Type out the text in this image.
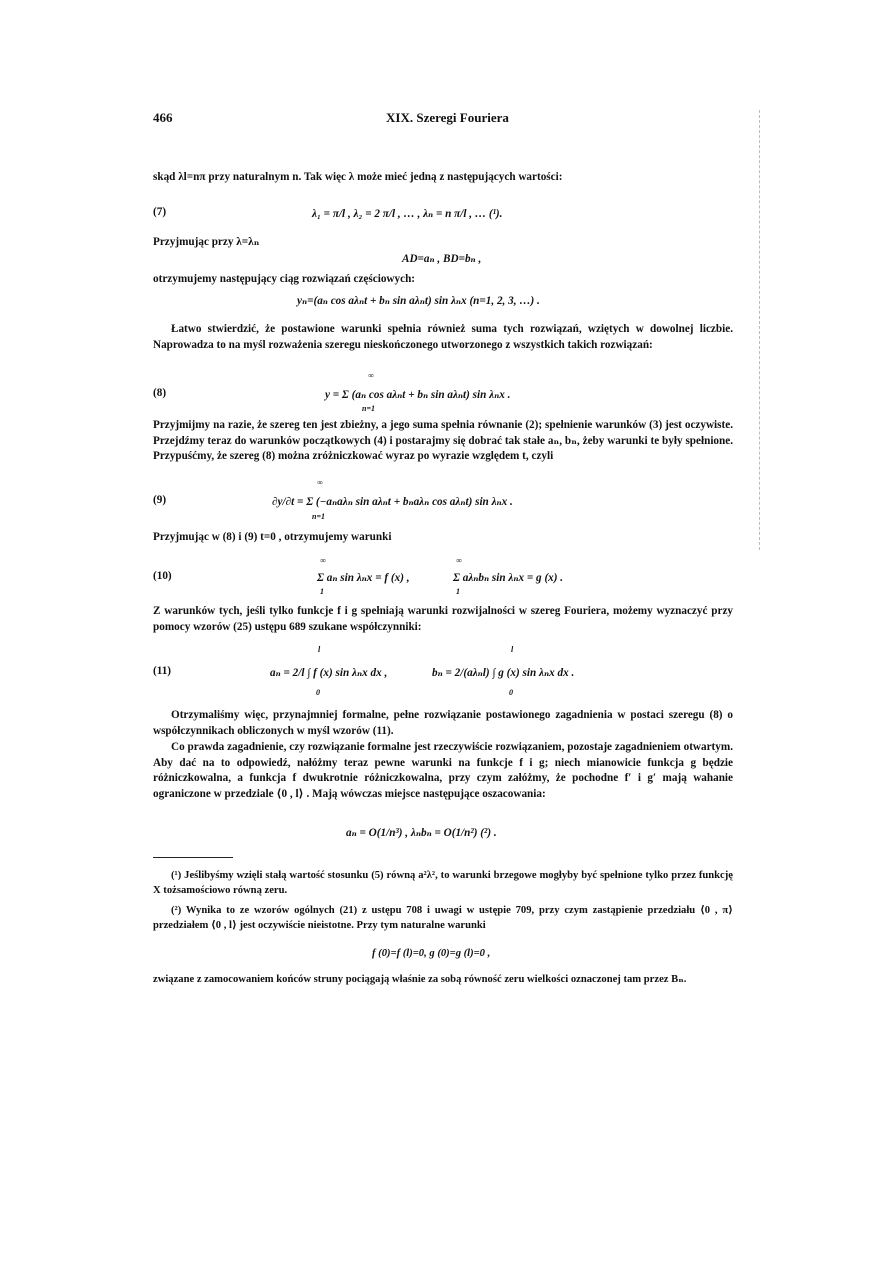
466	XIX. Szeregi Fouriera
skąd λl=nπ przy naturalnym n. Tak więc λ może mieć jedną z następujących wartości:
(7)	λ₁ = π/l , λ₂ = 2 π/l , … , λₙ = n π/l , … (¹).
Przyjmując przy λ=λₙ
AD=aₙ , BD=bₙ ,
otrzymujemy następujący ciąg rozwiązań częściowych:
yₙ=(aₙ cos aλₙt + bₙ sin aλₙt) sin λₙx (n=1, 2, 3, …) .
Łatwo stwierdzić, że postawione warunki spełnia również suma tych rozwiązań, wziętych w dowolnej liczbie. Naprowadza to na myśl rozważenia szeregu nieskończonego utworzonego z wszystkich takich rozwiązań:
(8)
∞
y = Σ (aₙ cos aλₙt + bₙ sin aλₙt) sin λₙx .
n=1
Przyjmijmy na razie, że szereg ten jest zbieżny, a jego suma spełnia równanie (2); spełnienie warunków (3) jest oczywiste. Przejdźmy teraz do warunków początkowych (4) i postarajmy się dobrać tak stałe aₙ, bₙ, żeby warunki te były spełnione. Przypuśćmy, że szereg (8) można zróżniczkować wyraz po wyrazie względem t, czyli
(9)
∞
∂y/∂t = Σ (−aₙaλₙ sin aλₙt + bₙaλₙ cos aλₙt) sin λₙx .
n=1
Przyjmując w (8) i (9) t=0 , otrzymujemy warunki
(10)
∞
Σ aₙ sin λₙx = f (x) ,
1
∞
Σ aλₙbₙ sin λₙx = g (x) .
1
Z warunków tych, jeśli tylko funkcje f i g spełniają warunki rozwijalności w szereg Fouriera, możemy wyznaczyć przy pomocy wzorów (25) ustępu 689 szukane współczynniki:
(11)
l
aₙ = 2/l ∫ f (x) sin λₙx dx ,
0
l
bₙ = 2/(aλₙl) ∫ g (x) sin λₙx dx .
0
Otrzymaliśmy więc, przynajmniej formalne, pełne rozwiązanie postawionego zagadnienia w postaci szeregu (8) o współczynnikach obliczonych w myśl wzorów (11).
Co prawda zagadnienie, czy rozwiązanie formalne jest rzeczywiście rozwiązaniem, pozostaje zagadnieniem otwartym. Aby dać na to odpowiedź, nałóżmy teraz pewne warunki na funkcje f i g; niech mianowicie funkcja g będzie różniczkowalna, a funkcja f dwukrotnie różniczkowalna, przy czym załóżmy, że pochodne f′ i g′ mają wahanie ograniczone w przedziale ⟨0 , l⟩ . Mają wówczas miejsce następujące oszacowania:
aₙ = O(1/n³) , λₙbₙ = O(1/n²) (²) .
(¹) Jeślibyśmy wzięli stałą wartość stosunku (5) równą a²λ², to warunki brzegowe mogłyby być spełnione tylko przez funkcję X tożsamościowo równą zeru.
(²) Wynika to ze wzorów ogólnych (21) z ustępu 708 i uwagi w ustępie 709, przy czym zastąpienie przedziału ⟨0 , π⟩ przedziałem ⟨0 , l⟩ jest oczywiście nieistotne. Przy tym naturalne warunki
f (0)=f (l)=0, g (0)=g (l)=0 ,
związane z zamocowaniem końców struny pociągają właśnie za sobą równość zeru wielkości oznaczonej tam przez Bₙ.
